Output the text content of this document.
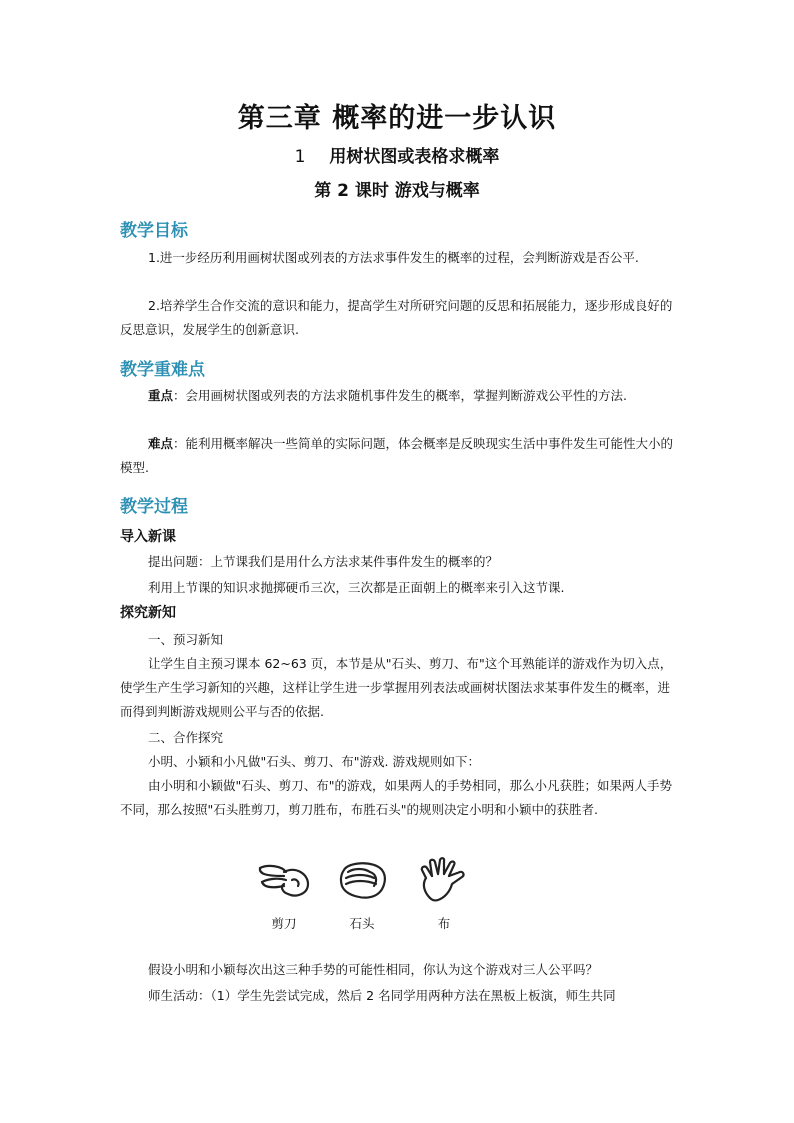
第三章 概率的进一步认识
1 用树状图或表格求概率
第 2 课时 游戏与概率
教学目标
1.进一步经历利用画树状图或列表的方法求事件发生的概率的过程，会判断游戏是否公平.
2.培养学生合作交流的意识和能力，提高学生对所研究问题的反思和拓展能力，逐步形成良好的反思意识，发展学生的创新意识.
教学重难点
重点：会用画树状图或列表的方法求随机事件发生的概率，掌握判断游戏公平性的方法.
难点：能利用概率解决一些简单的实际问题，体会概率是反映现实生活中事件发生可能性大小的模型.
教学过程
导入新课
提出问题：上节课我们是用什么方法求某件事件发生的概率的？
利用上节课的知识求抛掷硬币三次，三次都是正面朝上的概率来引入这节课.
探究新知
一、预习新知
让学生自主预习课本 62~63 页，本节是从"石头、剪刀、布"这个耳熟能详的游戏作为切入点，使学生产生学习新知的兴趣，这样让学生进一步掌握用列表法或画树状图法求某事件发生的概率，进而得到判断游戏规则公平与否的依据.
二、合作探究
小明、小颖和小凡做"石头、剪刀、布"游戏. 游戏规则如下：
由小明和小颖做"石头、剪刀、布"的游戏，如果两人的手势相同，那么小凡获胜；如果两人手势不同，那么按照"石头胜剪刀，剪刀胜布，布胜石头"的规则决定小明和小颖中的获胜者.
剪刀	石头	布
假设小明和小颖每次出这三种手势的可能性相同，你认为这个游戏对三人公平吗？
师生活动：（1）学生先尝试完成，然后 2 名同学用两种方法在黑板上板演，师生共同
